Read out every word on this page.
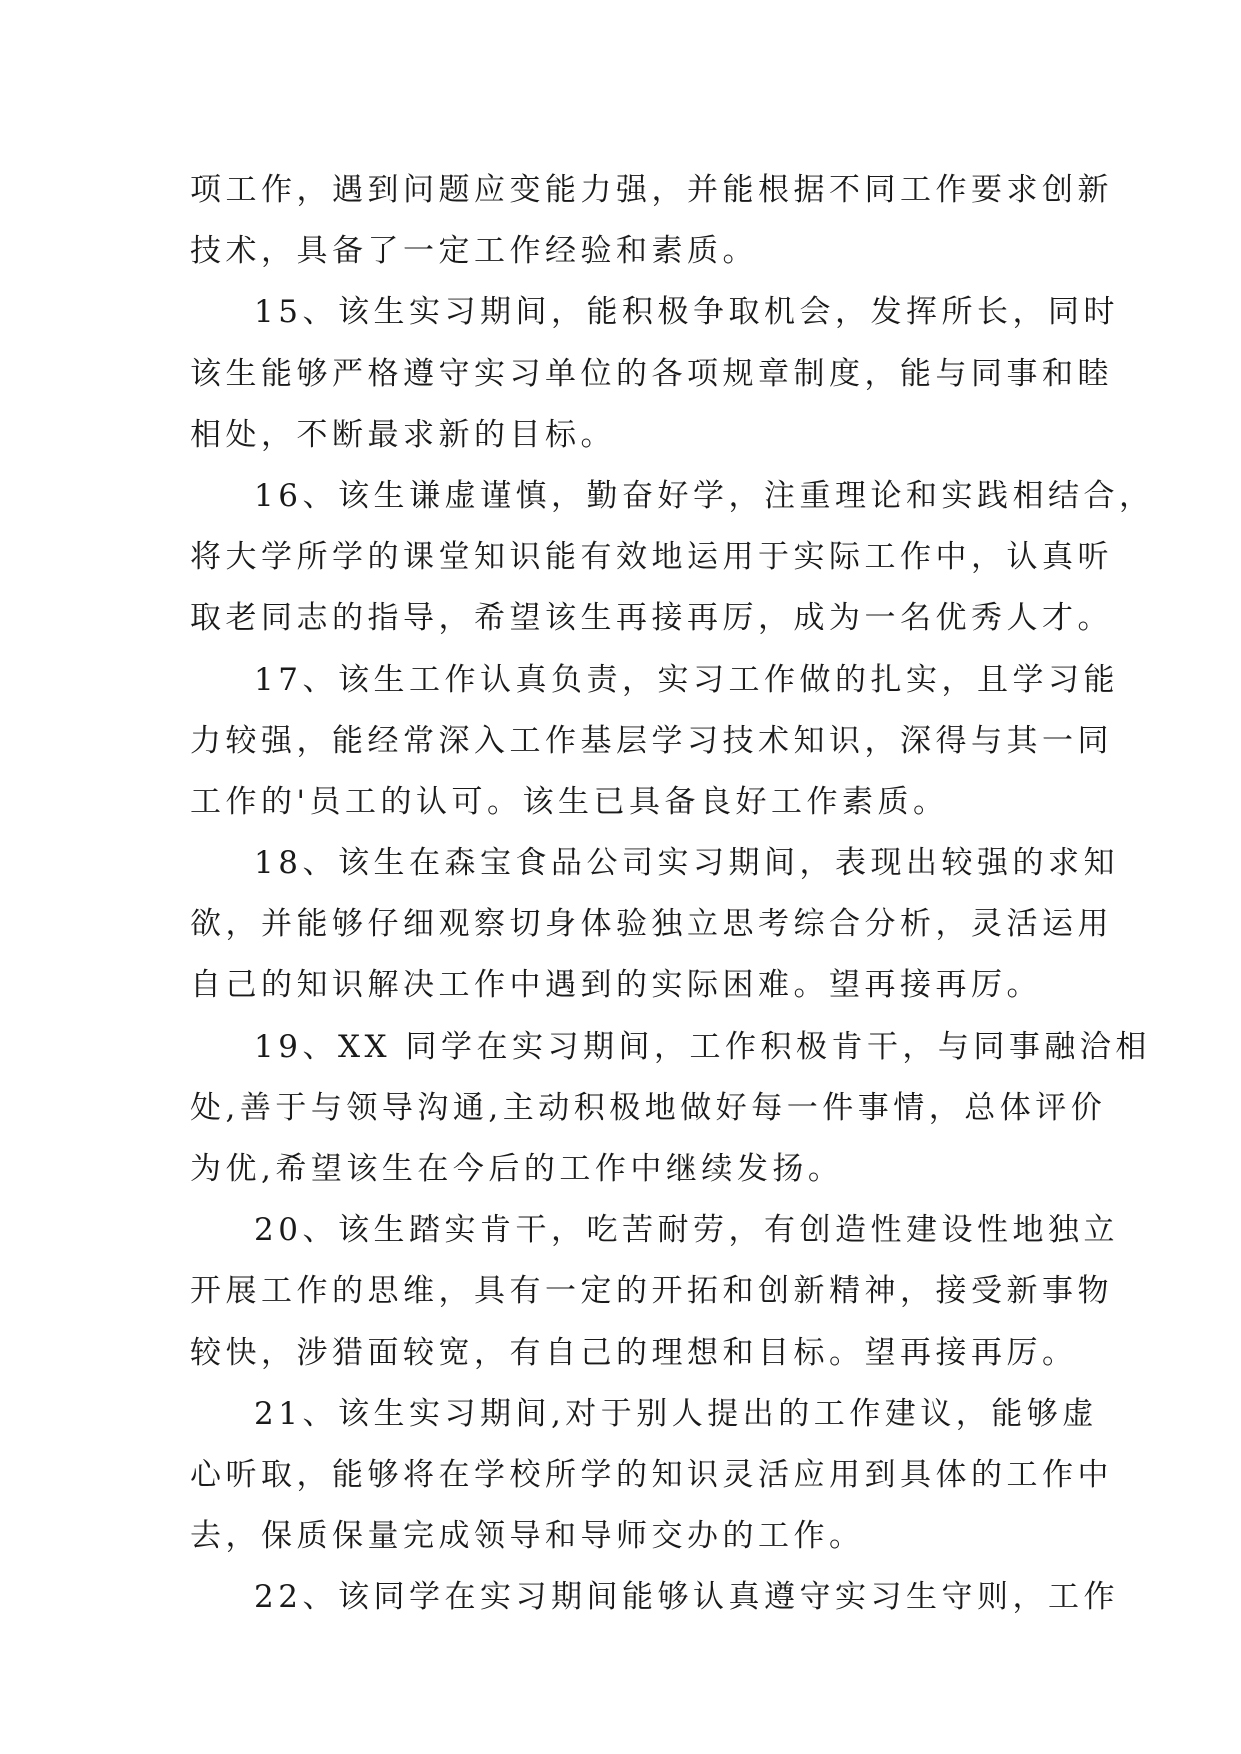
项工作，遇到问题应变能力强，并能根据不同工作要求创新
技术，具备了一定工作经验和素质。
15、该生实习期间，能积极争取机会，发挥所长，同时
该生能够严格遵守实习单位的各项规章制度，能与同事和睦
相处，不断最求新的目标。
16、该生谦虚谨慎，勤奋好学，注重理论和实践相结合，
将大学所学的课堂知识能有效地运用于实际工作中，认真听
取老同志的指导，希望该生再接再厉，成为一名优秀人才。
17、该生工作认真负责，实习工作做的扎实，且学习能
力较强，能经常深入工作基层学习技术知识，深得与其一同
工作的'员工的认可。该生已具备良好工作素质。
18、该生在森宝食品公司实习期间，表现出较强的求知
欲，并能够仔细观察切身体验独立思考综合分析，灵活运用
自己的知识解决工作中遇到的实际困难。望再接再厉。
19、XX 同学在实习期间，工作积极肯干，与同事融洽相
处,善于与领导沟通,主动积极地做好每一件事情，总体评价
为优,希望该生在今后的工作中继续发扬。
20、该生踏实肯干，吃苦耐劳，有创造性建设性地独立
开展工作的思维，具有一定的开拓和创新精神，接受新事物
较快，涉猎面较宽，有自己的理想和目标。望再接再厉。
21、该生实习期间,对于别人提出的工作建议，能够虚
心听取，能够将在学校所学的知识灵活应用到具体的工作中
去，保质保量完成领导和导师交办的工作。
22、该同学在实习期间能够认真遵守实习生守则，工作
